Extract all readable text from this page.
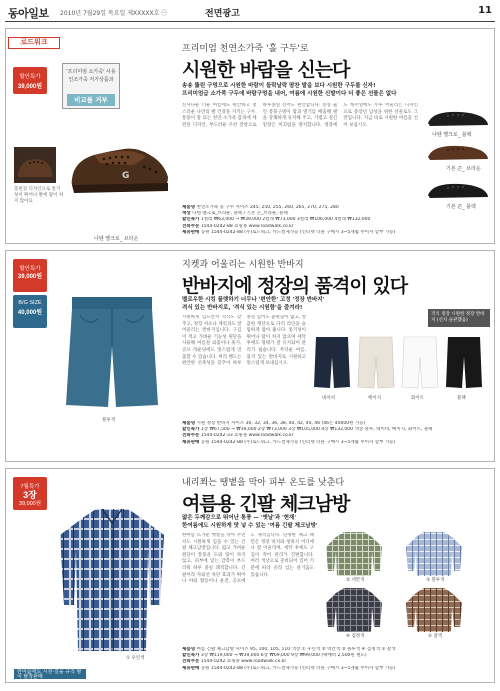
동아일보 2010년 7월29일 목요일 제XXXXX호 ㊀	전면광고	11
로드워크
할인특가
39,000원
'프리미엄 소가죽' 사용
인조가죽 저가상품과
비교를 거부
G
홀펀칭 디자인으로 통기성이 뛰어나 발에 땀이 차지 않아요
나텐 밸크로_ 브라운
프리미엄 천연소가죽 '홀 구두'로
시원한 바람을 신는다
송송 뚫린 구멍으로 시원한 바람이 들락날락 땀찬 발을 보다 시원한 구두를 신자!
프리미엄급 소가죽 구두에 바람구멍을 내어, 여름에 시원한 신발이다 더 좋은 선물은 없다
신사다운 더운 여름에도 편안하고 멋스러운 나만의 발 건강을 지키는 구두. 통풍이 잘 되는 천연 소가죽 갑피에 세련된 디자인, 부드러운 쿠션 깔창으로 하루종일 신어도 편안합니다. 송송 뚫린 통풍구멍이 땀과 열기를 배출해 발을 상쾌하게 유지해 주고, 가볍고 질긴 밑창은 미끄럼을 방지합니다. 정장에도 캐주얼에도 두루 어울리는 디자인으로 중장년 남성을 위한 선물로도 그만입니다. 지금 바로 시원한 여름을 신어 보십시오.
나텐 밸크로_ 블랙
기본 끈_ 브라운
기본 끈_ 블랙
제품명 천연소가죽 홀 구두 사이즈 245, 250, 255, 260, 265, 270, 275, 280
색상 나텐 벨크로_브라운, 블랙 / 기본 끈_브라운, 블랙
할인특가 1켤레 ₩63,000 → ₩39,000 2켤레 ₩73,000 3켤레 ₩106,000 4켤레 ₩132,000
전화주문 1544-0242-88 쇼핑몰 www.roadwalk.co.kr
제휴판매 농원 1544-0242-88 (주)로드워크, 카드결제가능 (인터넷 더블 구매시 3~5개월 무이자 할부 가능)
할인특가
39,000원
B/G SIZE
40,000원
블루색
지켓과 어울리는 시원한 반바지
반바지에 정장의 품격이 있다
멜로우한 시킹 플랫하기 너무나 '편안한' 고정 '정장 반바지'
격식 있는 반바지로, '격식 있는 시원함'을 즐겨라!
시원하게 입으면서 격식도 갖추고, 정장 셔츠나 재킷과도 잘 어울리는 반바지입니다. 구김이 적고 가벼운 기능성 원단을 사용해 여름철 외출이나 휴가, 골프 라운딩에도 멋스럽게 연출할 수 있습니다. 허리 밴드는 편안한 신축성을 갖추어 하루 종일 입어도 불편함이 없고, 깔끔한 재단으로 다리 라인을 슬림하게 잡아 줍니다. 통기성이 뛰어나 땀이 차지 않으며 세탁 후에도 형태가 잘 유지되어 관리가 쉽습니다. 무더운 여름, 품격 있는 반바지로 시원하고 멋스럽게 보내십시오.
격식 정장 시원한 정장 반바지 (신치 슬관했음)
네이비	베이지	화이트	블랙
제품명 시원 정장 반바지 사이즈 30, 32, 34, 36, 38, 40, 42, 44, 46 (46은 40000원 가능)
할인특가 1장 ₩67,500 → ₩39,000 2장 ₩73,000 3장 ₩105,000 4장 ₩132,000 색상 블루, 네이비, 베이지, 화이트, 블랙
전화주문 1544-0242-33 쇼핑몰 www.roadwalk.co.kr
제휴판매 농원 1544-0242-88 (주)로드워크, 카드결제가능 (인터넷 더블 구매시 3~5개월 무이자 할부 가능)
7월특가
3장
39,000원
① 우린색
한여름에도 시원·걸을 규칙 땀이 탈착판매
내리쬐는 땡볕을 막아 피부 온도를 낮춘다
여름용 긴팔 체크남방
얇은 두께감으로 뛰어난 통풍 — '옛날'과 '현재'
한여름에도 시원하게 맛 넣 수 있는 '여름 긴팔 체크남방'
한여름 뜨거운 햇볕을 막아 주면서도 시원하게 입을 수 있는 긴팔 체크남방입니다. 얇고 가벼운 원단이 통풍을 도와 땀이 차지 않고, 피부에 닿는 감촉이 부드러워 하루 종일 쾌적합니다. 긴팔이라 자외선 차단 효과가 뛰어나 야외 활동이나 운전, 골프에도 제격입니다. 단정한 체크 패턴은 정장 바지와 청바지 어디에나 잘 어울리며, 세탁 후에도 구김이 적어 관리가 간편합니다. 여러 색상으로 준비되어 있어 기분에 따라 골라 입는 즐거움도 있습니다.
② 넥칸색	③ 블루색
④ 검정색	⑤ 갈색
제품명 여름 긴팔 체크남방 사이즈 95, 100, 105, 110 색상 ① 우린색 ② 넥칸색 ③ 블루색 ④ 검정색 ⑤ 갈색
할인특가 3장 ₩119,000 → ₩39,000 6장 ₩69,000 9장 ₩99,000 (택배비 2,500원 별도)
전화주문 1544-0242 쇼핑몰 www.roadwalk.co.kr
제휴판매 농원 1544-0242-88 (주)로드워크, 카드결제가능 (인터넷 더블 구매시 3~5개월 무이자 할부 가능)
